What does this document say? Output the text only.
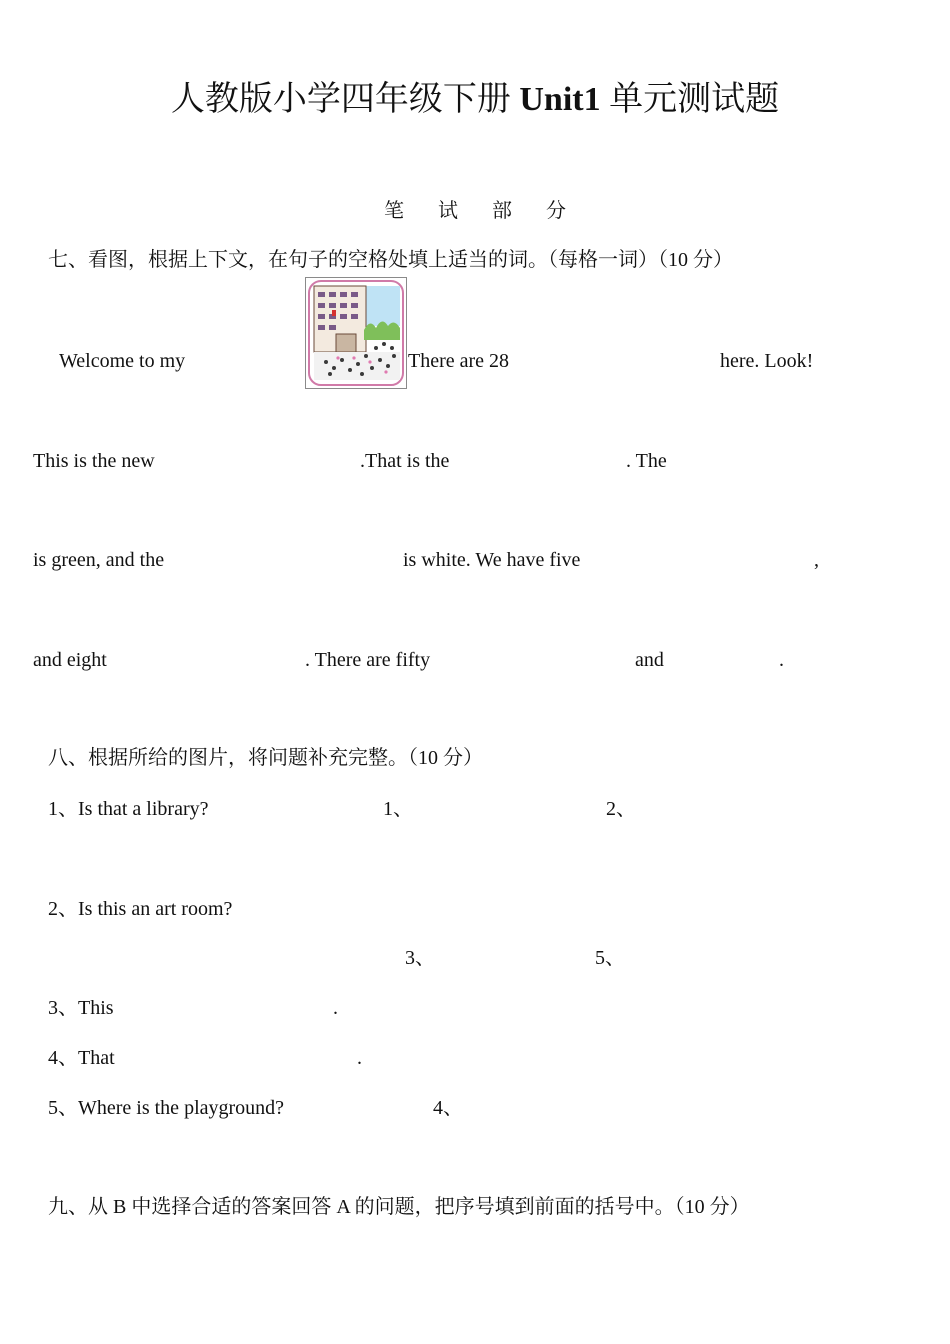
人教版小学四年级下册 Unit1 单元测试题
笔试部分
七、看图，根据上下文，在句子的空格处填上适当的词。（每格一词）（10 分）
Welcome to my	There are 28	here. Look!
This is the new	.That is the	. The
is green, and the	is white. We have five	,
and eight	. There are fifty	and	.
八、根据所给的图片，将问题补充完整。（10 分）
1、Is that a library?	1、	2、
2、Is this an art room?
3、	5、
3、This	.
4、That	.
5、Where is the playground?	4、
九、从 B 中选择合适的答案回答 A 的问题，把序号填到前面的括号中。（10 分）
